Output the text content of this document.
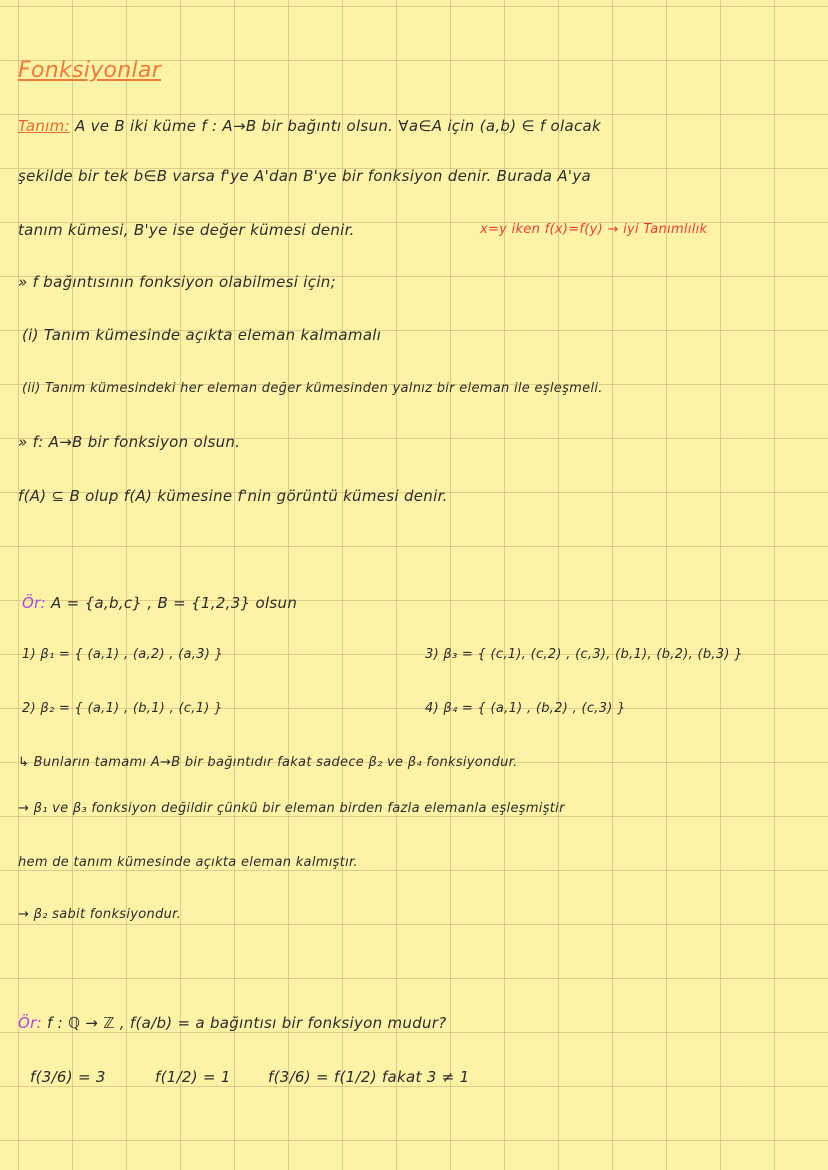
Fonksiyonlar
Tanım: A ve B iki küme f : A→B bir bağıntı olsun. ∀a∈A için (a,b) ∈ f olacak
şekilde bir tek b∈B varsa f'ye A'dan B'ye bir fonksiyon denir. Burada A'ya
tanım kümesi, B'ye ise değer kümesi denir.	x=y iken f(x)=f(y) → iyi Tanımlılık
» f bağıntısının fonksiyon olabilmesi için;
(i) Tanım kümesinde açıkta eleman kalmamalı
(ii) Tanım kümesindeki her eleman değer kümesinden yalnız bir eleman ile eşleşmeli.
» f: A→B bir fonksiyon olsun.
f(A) ⊆ B olup f(A) kümesine f'nin görüntü kümesi denir.
Ör: A = {a,b,c} , B = {1,2,3} olsun
1) β₁ = { (a,1) , (a,2) , (a,3) }	3) β₃ = { (c,1), (c,2) , (c,3), (b,1), (b,2), (b,3) }
2) β₂ = { (a,1) , (b,1) , (c,1) }	4) β₄ = { (a,1) , (b,2) , (c,3) }
↳ Bunların tamamı A→B bir bağıntıdır fakat sadece β₂ ve β₄ fonksiyondur.
→ β₁ ve β₃ fonksiyon değildir çünkü bir eleman birden fazla elemanla eşleşmiştir
hem de tanım kümesinde açıkta eleman kalmıştır.
→ β₂ sabit fonksiyondur.
Ör: f : ℚ → ℤ , f(a/b) = a bağıntısı bir fonksiyon mudur?
f(3/6) = 3	f(1/2) = 1 f(3/6) = f(1/2) fakat 3 ≠ 1
